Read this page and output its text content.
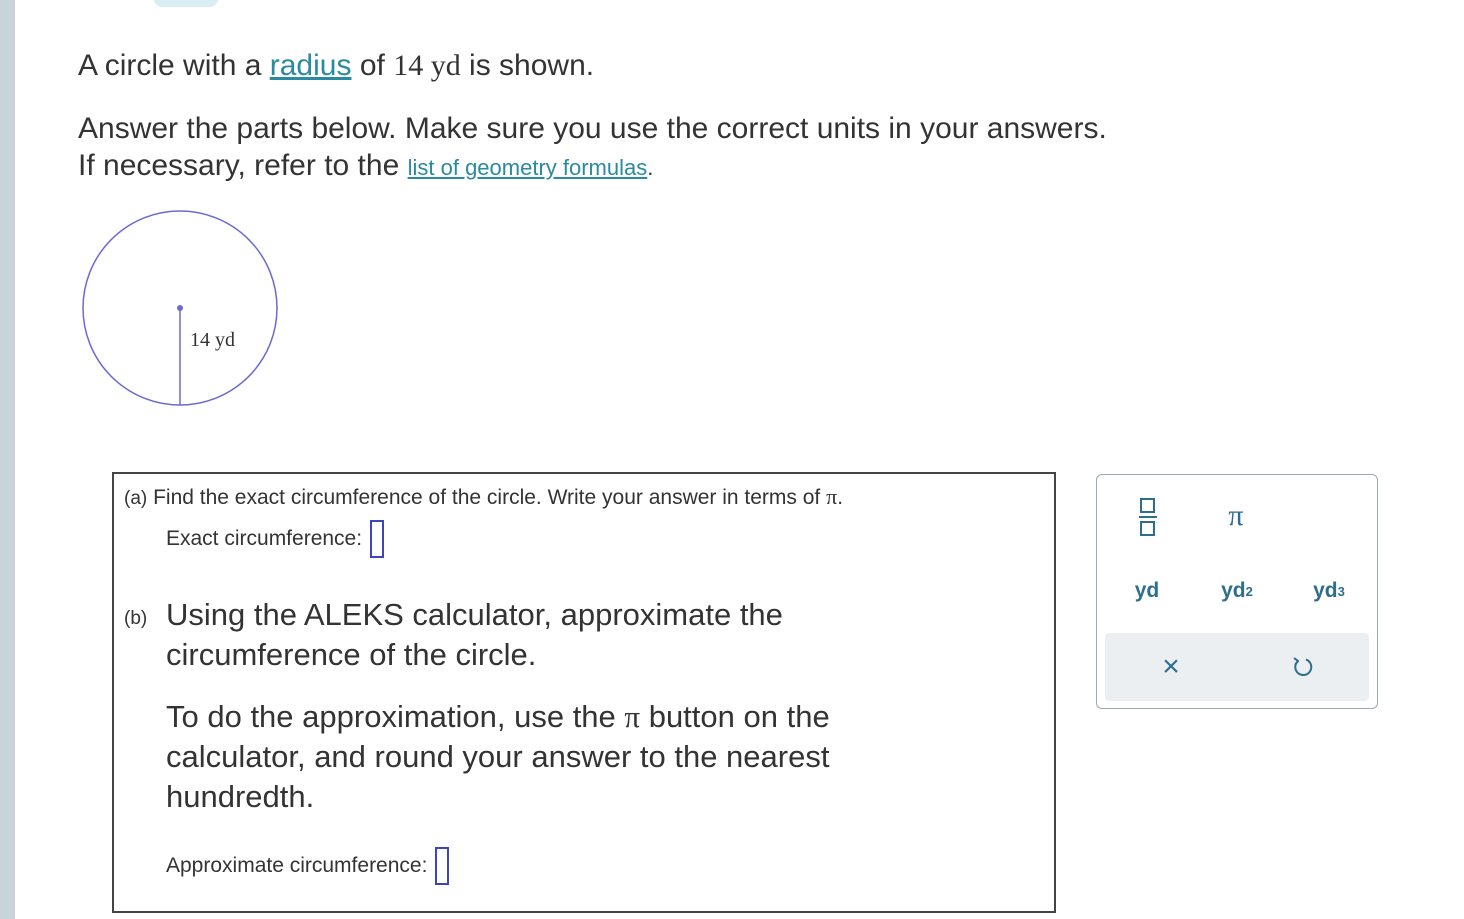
A circle with a radius of 14 yd is shown.
Answer the parts below. Make sure you use the correct units in your answers.
If necessary, refer to the list of geometry formulas.
14 yd
(a) Find the exact circumference of the circle. Write your answer in terms of π.
Exact circumference:
(b) Using the ALEKS calculator, approximate the
circumference of the circle.
To do the approximation, use the π button on the
calculator, and round your answer to the nearest
hundredth.
Approximate circumference:
π
yd	yd 2	yd 3
×
